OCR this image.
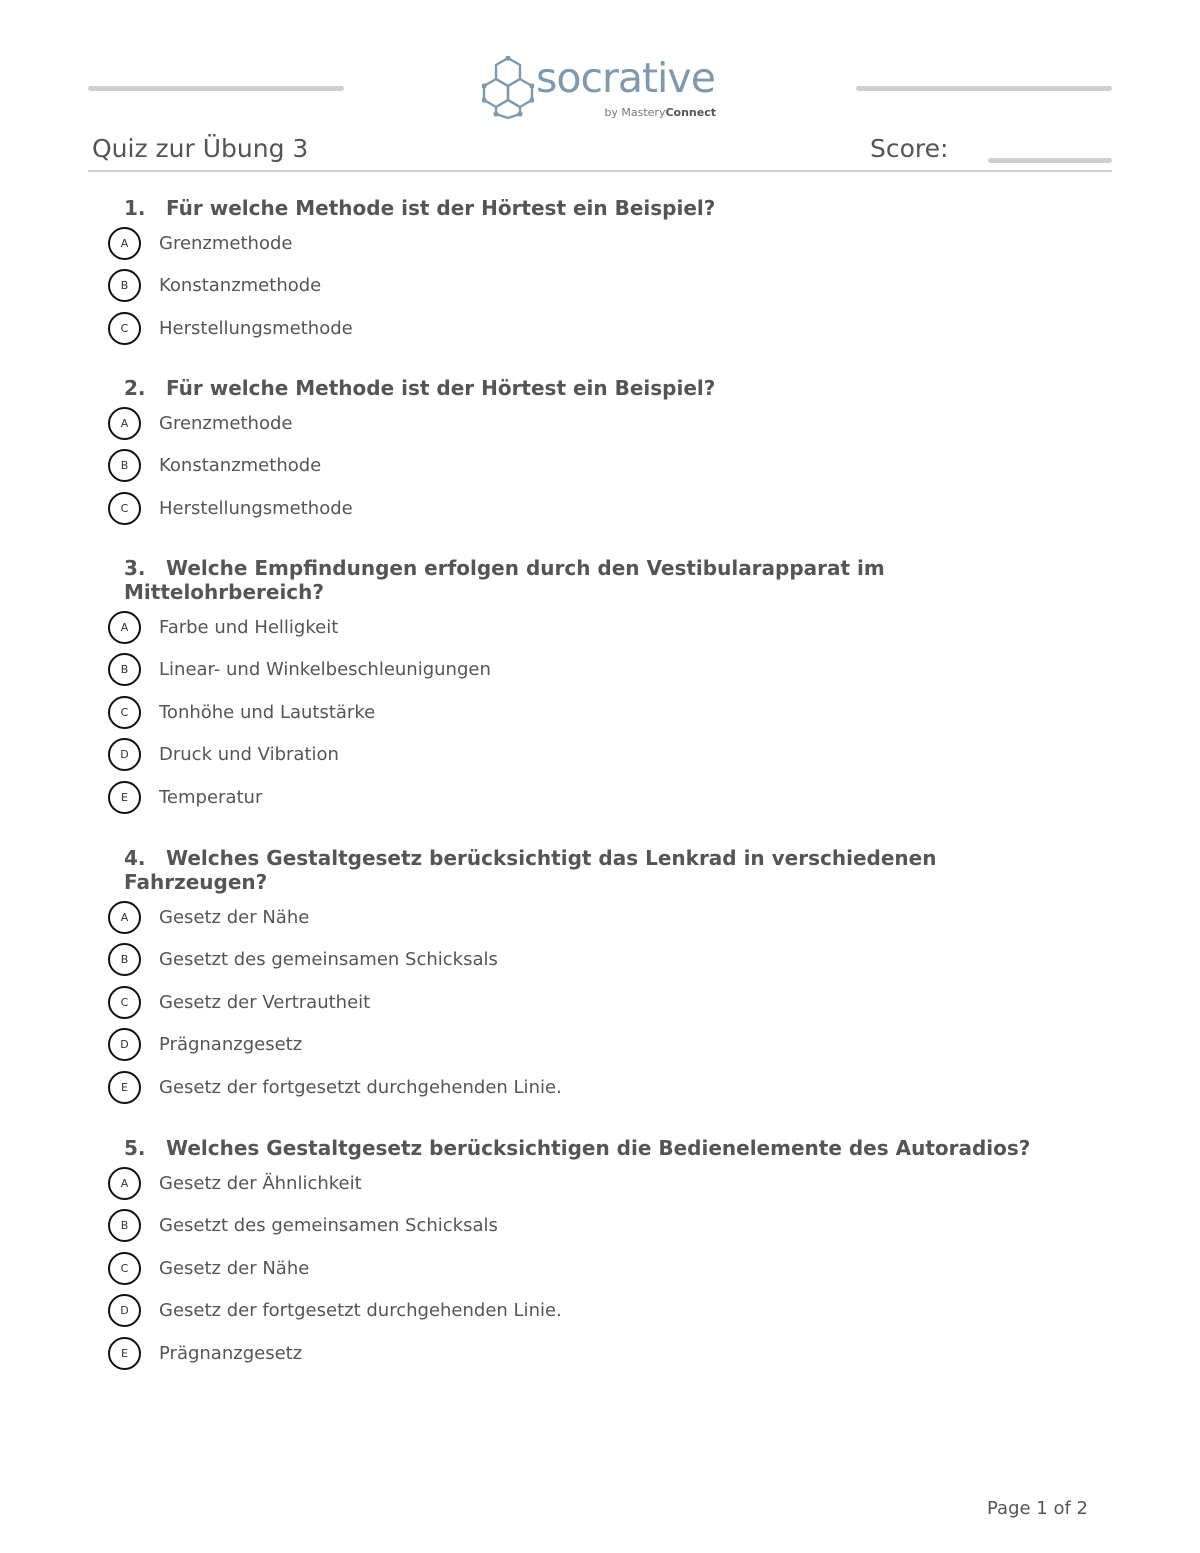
socrative
by MasteryConnect
Quiz zur Übung 3	Score:
1. Für welche Methode ist der Hörtest ein Beispiel?
A	Grenzmethode
B	Konstanzmethode
C	Herstellungsmethode
2. Für welche Methode ist der Hörtest ein Beispiel?
A	Grenzmethode
B	Konstanzmethode
C	Herstellungsmethode
3. Welche Empfindungen erfolgen durch den Vestibularapparat im Mittelohrbereich?
A	Farbe und Helligkeit
B	Linear- und Winkelbeschleunigungen
C	Tonhöhe und Lautstärke
D	Druck und Vibration
E	Temperatur
4. Welches Gestaltgesetz berücksichtigt das Lenkrad in verschiedenen Fahrzeugen?
A	Gesetz der Nähe
B	Gesetzt des gemeinsamen Schicksals
C	Gesetz der Vertrautheit
D	Prägnanzgesetz
E	Gesetz der fortgesetzt durchgehenden Linie.
5. Welches Gestaltgesetz berücksichtigen die Bedienelemente des Autoradios?
A	Gesetz der Ähnlichkeit
B	Gesetzt des gemeinsamen Schicksals
C	Gesetz der Nähe
D	Gesetz der fortgesetzt durchgehenden Linie.
E	Prägnanzgesetz
Page 1 of 2
